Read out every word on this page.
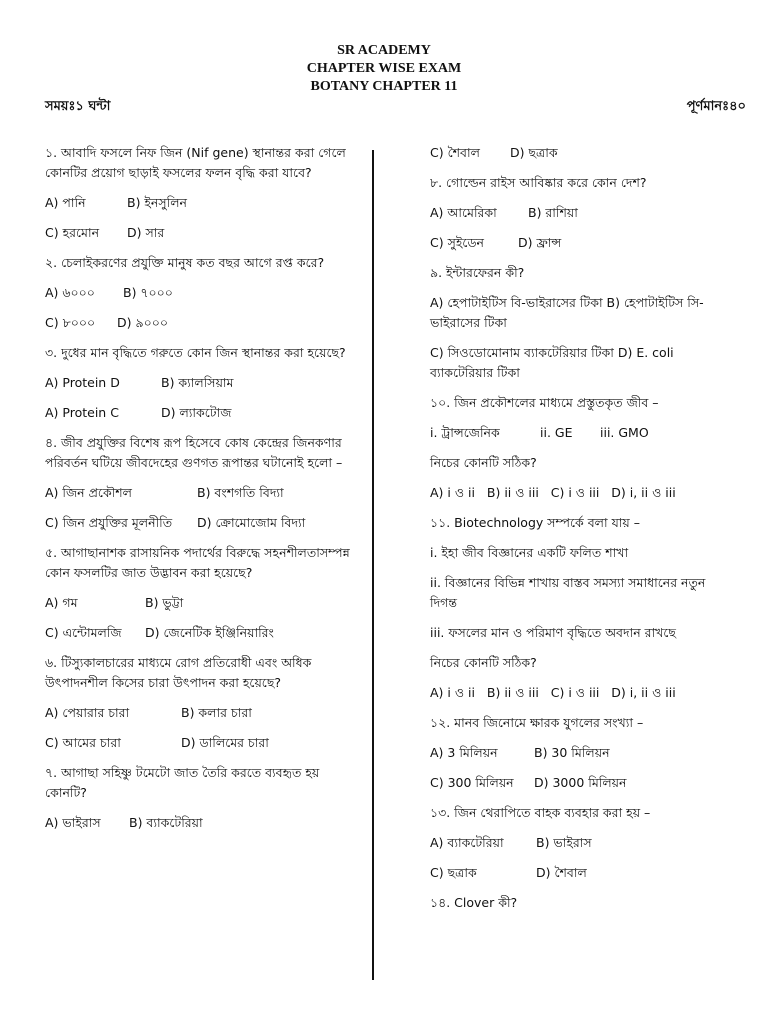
SR ACADEMY
CHAPTER WISE EXAM
BOTANY CHAPTER 11
সময়ঃ১ ঘন্টা	পূর্ণমানঃ৪০

১. আবাদি ফসলে নিফ জিন (Nif gene) স্থানান্তর করা গেলে কোনটির প্রয়োগ ছাড়াই ফসলের ফলন বৃদ্ধি করা যাবে?

A) পানি	B) ইনসুলিন

C) হরমোন	D) সার

২. চেলাইকরণের প্রযুক্তি মানুষ কত বছর আগে রপ্ত করে?

A) ৬০০০	B) ৭০০০

C) ৮০০০	D) ৯০০০

৩. দুধের মান বৃদ্ধিতে গরুতে কোন জিন স্থানান্তর করা হয়েছে?

A) Protein D	B) ক্যালসিয়াম

A) Protein C	D) ল্যাকটোজ

৪. জীব প্রযুক্তির বিশেষ রূপ হিসেবে কোষ কেন্দ্রের জিনকণার পরিবর্তন ঘটিয়ে জীবদেহের গুণগত রূপান্তর ঘটানোই হলো –

A) জিন প্রকৌশল	B) বংশগতি বিদ্যা

C) জিন প্রযুক্তির মূলনীতি	D) ক্রোমোজোম বিদ্যা

৫. আগাছানাশক রাসায়নিক পদার্থের বিরুদ্ধে সহনশীলতাসম্পন্ন কোন ফসলটির জাত উদ্ভাবন করা হয়েছে?

A) গম	B) ভুট্টা

C) এন্টোমলজি	D) জেনেটিক ইঞ্জিনিয়ারিং

৬. টিস্যুকালচারের মাধ্যমে রোগ প্রতিরোধী এবং অধিক উৎপাদনশীল কিসের চারা উৎপাদন করা হয়েছে?

A) পেয়ারার চারা	B) কলার চারা

C) আমের চারা	D) ডালিমের চারা

৭. আগাছা সহিষ্ণু টমেটো জাত তৈরি করতে ব্যবহৃত হয় কোনটি?

A) ভাইরাস	B) ব্যাকটেরিয়া

C) শৈবাল	D) ছত্রাক

৮. গোল্ডেন রাইস আবিষ্কার করে কোন দেশ?

A) আমেরিকা	B) রাশিয়া

C) সুইডেন	D) ফ্রান্স

৯. ইন্টারফেরন কী?

A) হেপাটাইটিস বি-ভাইরাসের টিকা B) হেপাটাইটিস সি-ভাইরাসের টিকা

C) সিওডোমোনাম ব্যাকটেরিয়ার টিকা D) E. coli ব্যাকটেরিয়ার টিকা

১০. জিন প্রকৌশলের মাধ্যমে প্রস্তুতকৃত জীব –

i. ট্রান্সজেনিক	ii. GE	iii. GMO

নিচের কোনটি সঠিক?

A) i ও ii   B) ii ও iii   C) i ও iii   D) i, ii ও iii

১১. Biotechnology সম্পর্কে বলা যায় –

i. ইহা জীব বিজ্ঞানের একটি ফলিত শাখা

ii. বিজ্ঞানের বিভিন্ন শাখায় বাস্তব সমস্যা সমাধানের নতুন দিগন্ত

iii. ফসলের মান ও পরিমাণ বৃদ্ধিতে অবদান রাখছে

নিচের কোনটি সঠিক?

A) i ও ii   B) ii ও iii   C) i ও iii   D) i, ii ও iii

১২. মানব জিনোমে ক্ষারক যুগলের সংখ্যা –

A) 3 মিলিয়ন	B) 30 মিলিয়ন

C) 300 মিলিয়ন	D) 3000 মিলিয়ন

১৩. জিন থেরাপিতে বাহক ব্যবহার করা হয় –

A) ব্যাকটেরিয়া	B) ভাইরাস

C) ছত্রাক	D) শৈবাল

১৪. Clover কী?
